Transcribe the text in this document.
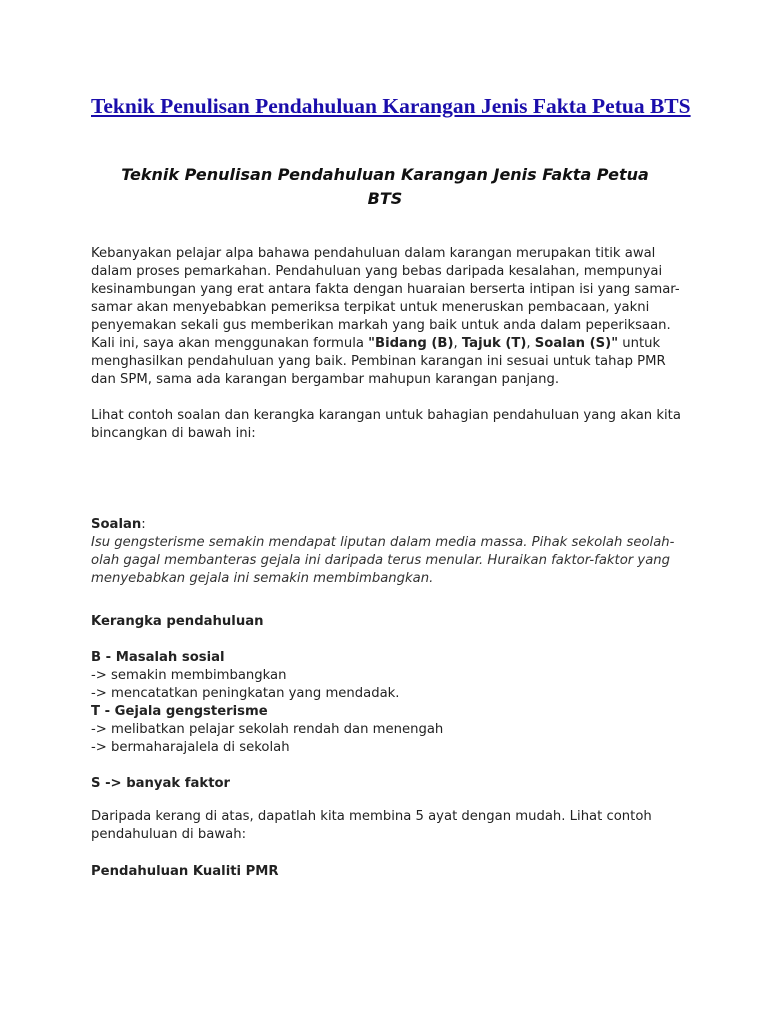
Teknik Penulisan Pendahuluan Karangan Jenis Fakta Petua BTS
Teknik Penulisan Pendahuluan Karangan Jenis Fakta Petua
BTS

Kebanyakan pelajar alpa bahawa pendahuluan dalam karangan merupakan titik awal dalam proses pemarkahan. Pendahuluan yang bebas daripada kesalahan, mempunyai kesinambungan yang erat antara fakta dengan huaraian berserta intipan isi yang samar-samar akan menyebabkan pemeriksa terpikat untuk meneruskan pembacaan, yakni penyemakan sekali gus memberikan markah yang baik untuk anda dalam peperiksaan. Kali ini, saya akan menggunakan formula "Bidang (B), Tajuk (T), Soalan (S)" untuk menghasilkan pendahuluan yang baik. Pembinan karangan ini sesuai untuk tahap PMR dan SPM, sama ada karangan bergambar mahupun karangan panjang.

Lihat contoh soalan dan kerangka karangan untuk bahagian pendahuluan yang akan kita bincangkan di bawah ini:

Soalan:

Isu gengsterisme semakin mendapat liputan dalam media massa. Pihak sekolah seolah-olah gagal membanteras gejala ini daripada terus menular. Huraikan faktor-faktor yang menyebabkan gejala ini semakin membimbangkan.

Kerangka pendahuluan

B - Masalah sosial
-> semakin membimbangkan
-> mencatatkan peningkatan yang mendadak.
T - Gejala gengsterisme
-> melibatkan pelajar sekolah rendah dan menengah
-> bermaharajalela di sekolah

S -> banyak faktor

Daripada kerang di atas, dapatlah kita membina 5 ayat dengan mudah. Lihat contoh pendahuluan di bawah:

Pendahuluan Kualiti PMR
